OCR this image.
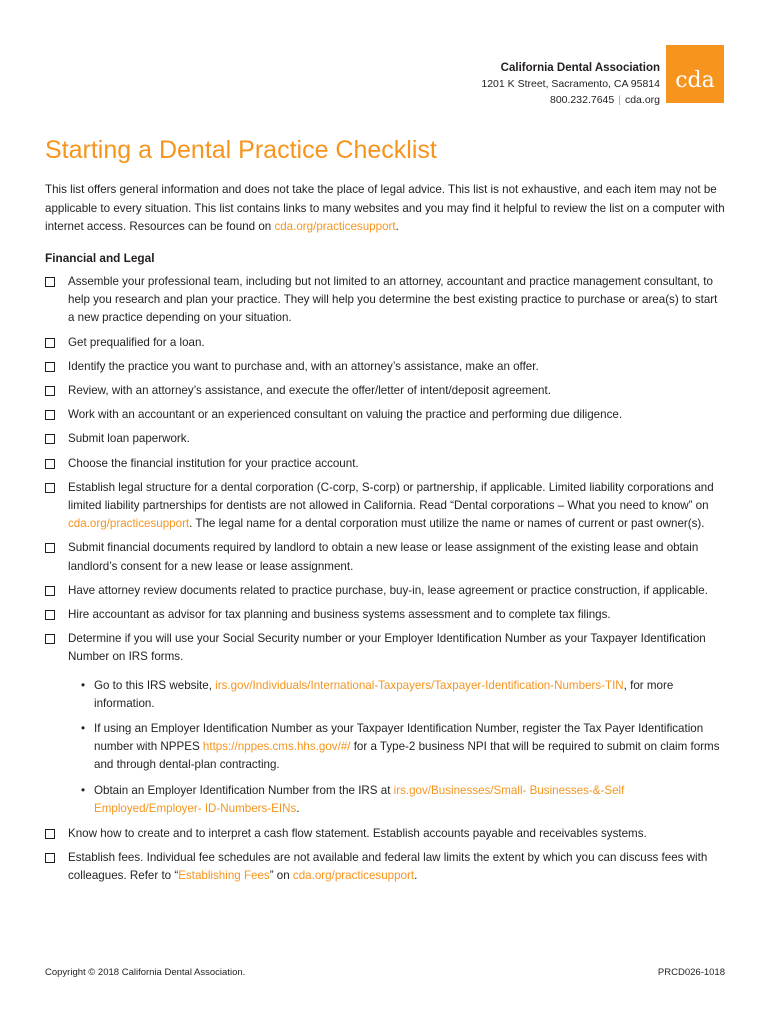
California Dental Association
1201 K Street, Sacramento, CA 95814
800.232.7645 | cda.org
cda
Starting a Dental Practice Checklist

This list offers general information and does not take the place of legal advice. This list is not exhaustive, and each item may not be applicable to every situation. This list contains links to many websites and you may find it helpful to review the list on a computer with internet access. Resources can be found on cda.org/practicesupport.

Financial and Legal
Assemble your professional team, including but not limited to an attorney, accountant and practice management consultant, to help you research and plan your practice. They will help you determine the best existing practice to purchase or area(s) to start a new practice depending on your situation.
Get prequalified for a loan.
Identify the practice you want to purchase and, with an attorney’s assistance, make an offer.
Review, with an attorney’s assistance, and execute the offer/letter of intent/deposit agreement.
Work with an accountant or an experienced consultant on valuing the practice and performing due diligence.
Submit loan paperwork.
Choose the financial institution for your practice account.
Establish legal structure for a dental corporation (C-corp, S-corp) or partnership, if applicable. Limited liability corporations and limited liability partnerships for dentists are not allowed in California. Read “Dental corporations – What you need to know” on cda.org/practicesupport. The legal name for a dental corporation must utilize the name or names of current or past owner(s).
Submit financial documents required by landlord to obtain a new lease or lease assignment of the existing lease and obtain landlord’s consent for a new lease or lease assignment.
Have attorney review documents related to practice purchase, buy-in, lease agreement or practice construction, if applicable.
Hire accountant as advisor for tax planning and business systems assessment and to complete tax filings.
Determine if you will use your Social Security number or your Employer Identification Number as your Taxpayer Identification Number on IRS forms.
• Go to this IRS website, irs.gov/Individuals/International-Taxpayers/Taxpayer-Identification-Numbers-TIN, for more information.
• If using an Employer Identification Number as your Taxpayer Identification Number, register the Tax Payer Identification number with NPPES https://nppes.cms.hhs.gov/#/ for a Type-2 business NPI that will be required to submit on claim forms and through dental-plan contracting.
• Obtain an Employer Identification Number from the IRS at irs.gov/Businesses/Small- Businesses-&-Self Employed/Employer- ID-Numbers-EINs.
Know how to create and to interpret a cash flow statement. Establish accounts payable and receivables systems.
Establish fees. Individual fee schedules are not available and federal law limits the extent by which you can discuss fees with colleagues. Refer to “Establishing Fees” on cda.org/practicesupport.
Copyright © 2018 California Dental Association.	PRCD026-1018
